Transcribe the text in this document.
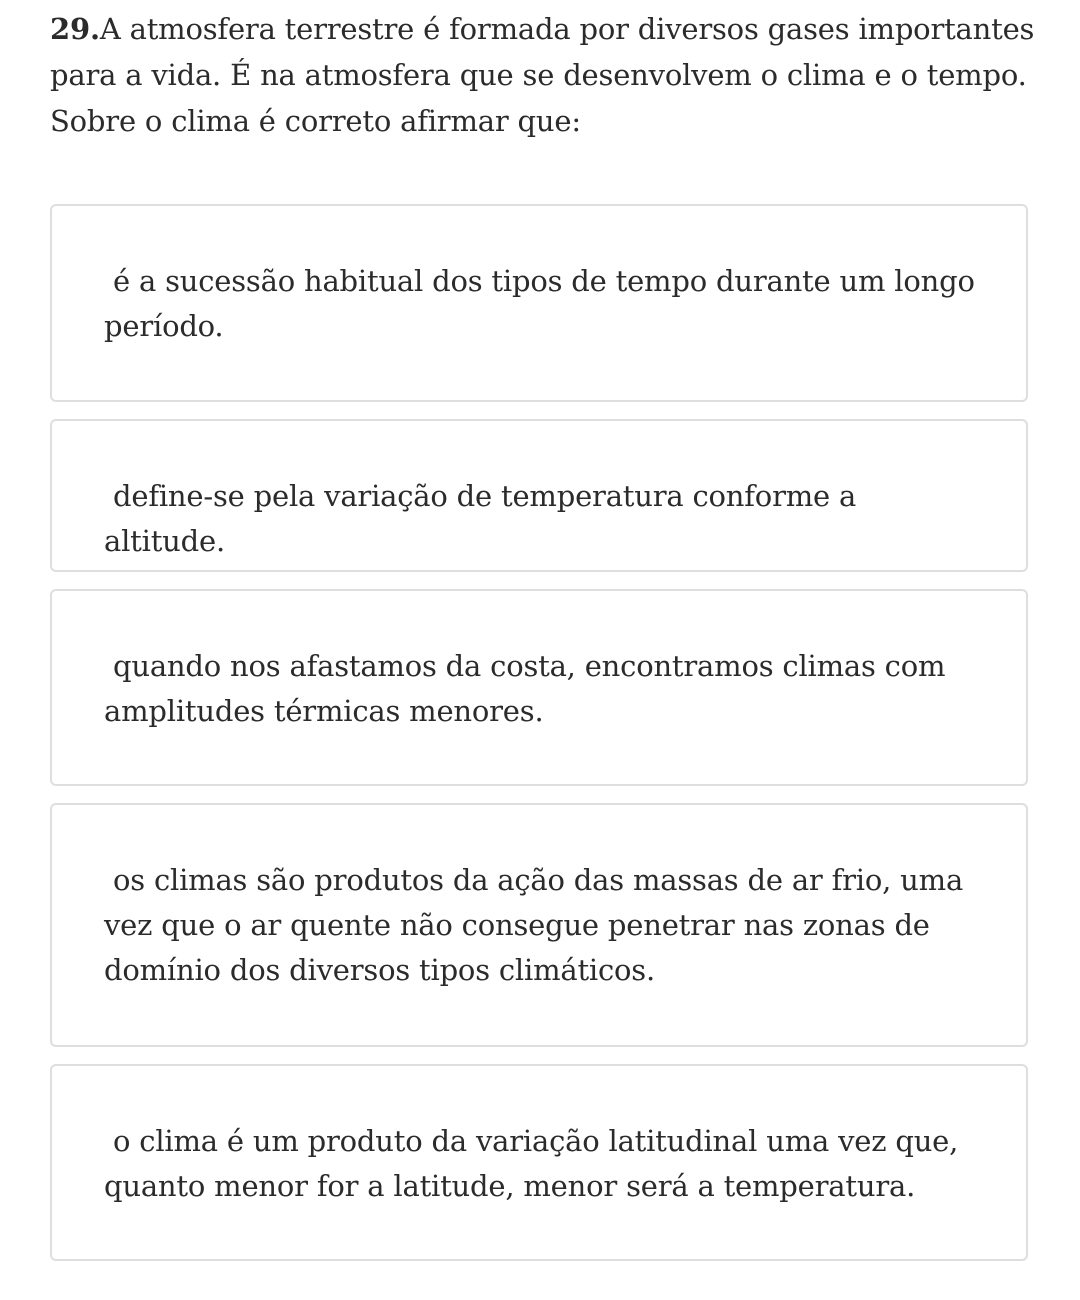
29.A atmosfera terrestre é formada por diversos gases importantes para a vida. É na atmosfera que se desenvolvem o clima e o tempo. Sobre o clima é correto afirmar que:

é a sucessão habitual dos tipos de tempo durante um longo período.

define-se pela variação de temperatura conforme a altitude.

quando nos afastamos da costa, encontramos climas com amplitudes térmicas menores.

os climas são produtos da ação das massas de ar frio, uma vez que o ar quente não consegue penetrar nas zonas de domínio dos diversos tipos climáticos.

o clima é um produto da variação latitudinal uma vez que, quanto menor for a latitude, menor será a temperatura.
